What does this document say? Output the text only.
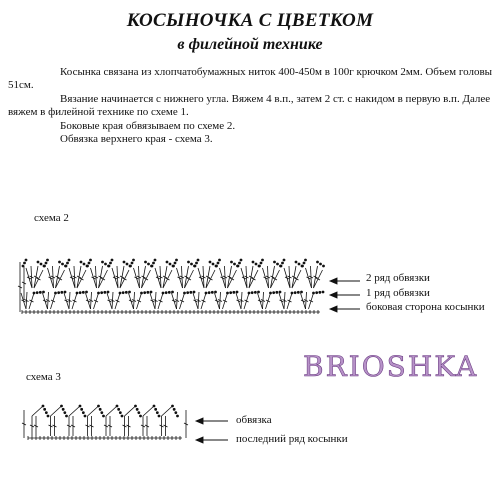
КОСЫНОЧКА С ЦВЕТКОМ
в филейной технике

Косынка связана из хлопчатобумажных ниток 400-450м в 100г крючком 2мм. Объем головы 51см.

Вязание начинается с нижнего угла. Вяжем 4 в.п., затем 2 ст. с накидом в первую в.п. Далее вяжем в филейной технике по схеме 1.

Боковые края обвязываем по схеме 2.

Обвязка верхнего края - схема 3.

схема 2
2 ряд обвязки
1 ряд обвязки
боковая сторона косынки
схема 3
обвязка
последний ряд косынки
BRIOSHKA
